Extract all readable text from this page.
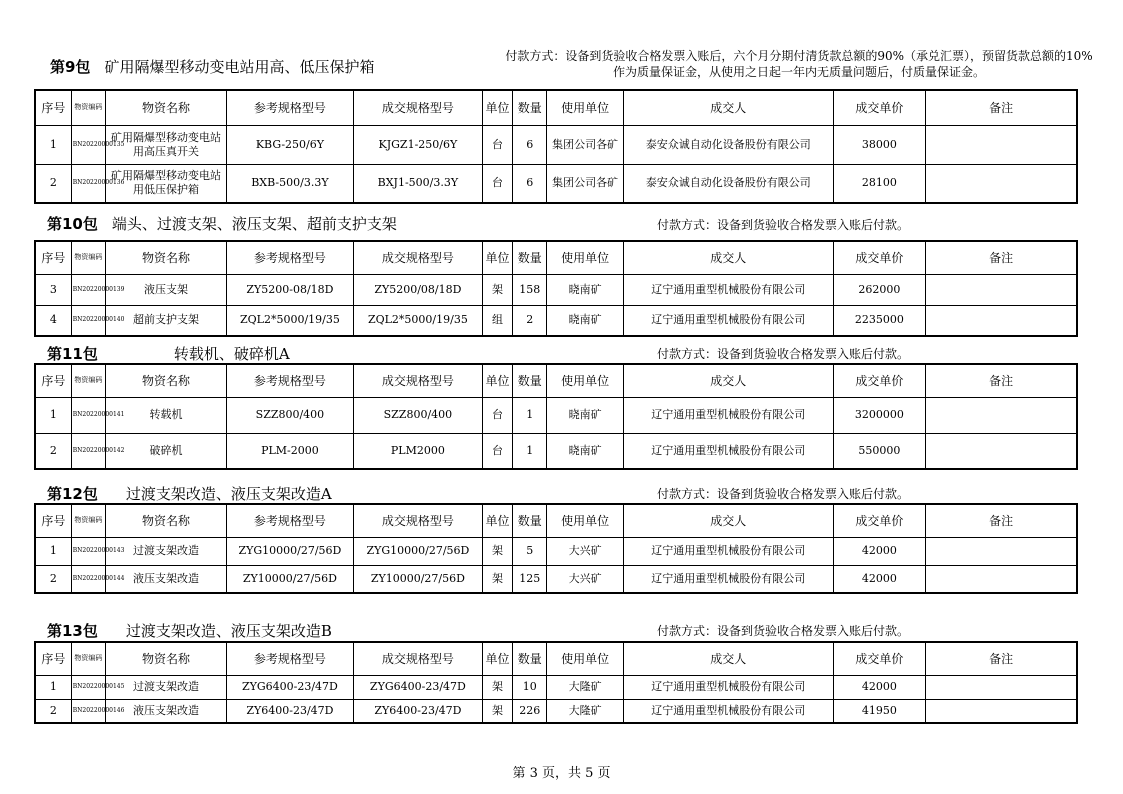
第9包 矿用隔爆型移动变电站用高、低压保护箱
付款方式：设备到货验收合格发票入账后，六个月分期付清货款总额的90%（承兑汇票），预留货款总额的10%作为质量保证金，从使用之日起一年内无质量问题后，付质量保证金。
序号	物资编码	物资名称	参考规格型号	成交规格型号	单位	数量	使用单位	成交人	成交单价	备注
1	BN20220000135	矿用隔爆型移动变电站用高压真开关	KBG-250/6Y	KJGZ1-250/6Y	台	6	集团公司各矿	泰安众诚自动化设备股份有限公司	38000	
2	BN20220000136	矿用隔爆型移动变电站用低压保护箱	BXB-500/3.3Y	BXJ1-500/3.3Y	台	6	集团公司各矿	泰安众诚自动化设备股份有限公司	28100	
第10包 端头、过渡支架、液压支架、超前支护支架	付款方式：设备到货验收合格发票入账后付款。
序号	物资编码	物资名称	参考规格型号	成交规格型号	单位	数量	使用单位	成交人	成交单价	备注
3	BN20220000139	液压支架	ZY5200-08/18D	ZY5200/08/18D	架	158	晓南矿	辽宁通用重型机械股份有限公司	262000	
4	BN20220000140	超前支护支架	ZQL2*5000/19/35	ZQL2*5000/19/35	组	2	晓南矿	辽宁通用重型机械股份有限公司	2235000	
第11包	转载机、破碎机A	付款方式：设备到货验收合格发票入账后付款。
序号	物资编码	物资名称	参考规格型号	成交规格型号	单位	数量	使用单位	成交人	成交单价	备注
1	BN20220000141	转载机	SZZ800/400	SZZ800/400	台	1	晓南矿	辽宁通用重型机械股份有限公司	3200000	
2	BN20220000142	破碎机	PLM-2000	PLM2000	台	1	晓南矿	辽宁通用重型机械股份有限公司	550000	
第12包 过渡支架改造、液压支架改造A	付款方式：设备到货验收合格发票入账后付款。
序号	物资编码	物资名称	参考规格型号	成交规格型号	单位	数量	使用单位	成交人	成交单价	备注
1	BN20220000143	过渡支架改造	ZYG10000/27/56D	ZYG10000/27/56D	架	5	大兴矿	辽宁通用重型机械股份有限公司	42000	
2	BN20220000144	液压支架改造	ZY10000/27/56D	ZY10000/27/56D	架	125	大兴矿	辽宁通用重型机械股份有限公司	42000	
第13包 过渡支架改造、液压支架改造B	付款方式：设备到货验收合格发票入账后付款。
序号	物资编码	物资名称	参考规格型号	成交规格型号	单位	数量	使用单位	成交人	成交单价	备注
1	BN20220000145	过渡支架改造	ZYG6400-23/47D	ZYG6400-23/47D	架	10	大隆矿	辽宁通用重型机械股份有限公司	42000	
2	BN20220000146	液压支架改造	ZY6400-23/47D	ZY6400-23/47D	架	226	大隆矿	辽宁通用重型机械股份有限公司	41950	
第 3 页，共 5 页
